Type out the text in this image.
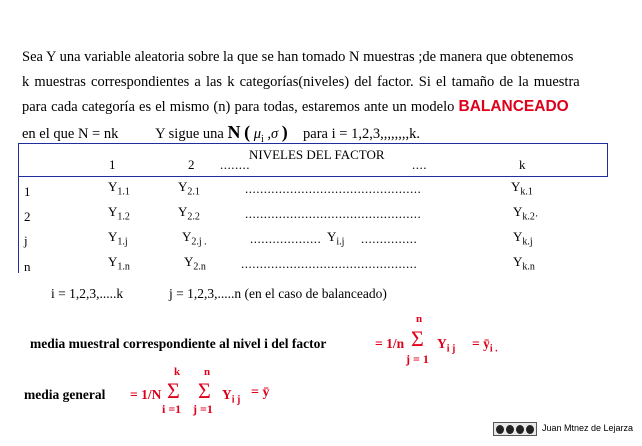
Sea Y una variable aleatoria sobre la que se han tomado N muestras ;de manera que obtenemos
k muestras correspondientes a las k categorías(niveles) del factor. Si el tamaño de la muestra
para cada categoría es el mismo (n) para todas, estaremos ante un modelo BALANCEADO
en el que N = nk	Y sigue una N ( $\mu_i$ ,σ ) para i = 1,2,3,,,,,,,,k.
NIVELES DEL FACTOR
1	2 ........	....	k
1	$Y_{1.1}$	$Y_{2.1}$	...............................................	$Y_{k.1}$
2	$Y_{1.2}$	$Y_{2.2}$	...............................................	$Y_{k.2\cdot}$
j	$Y_{1.j}$	$Y_{2.j .}$	................... $Y_{i.j}$ ...............	$Y_{k.j}$
n	$Y_{1.n}$	$Y_{2.n}$	...............................................	$Y_{k.n}$
i = 1,2,3,.....k	j = 1,2,3,.....n (en el caso de balanceado)
media muestral correspondiente al nivel i del factor	= 1/n
n
Σ
j = 1
$Y_{i j}$ = $ȳ_{i .}$
media general = 1/N
k
Σ
i =1
n
Σ
j =1
$Y_{i j}$
= ȳ
Juan Mtnez de Lejarza
